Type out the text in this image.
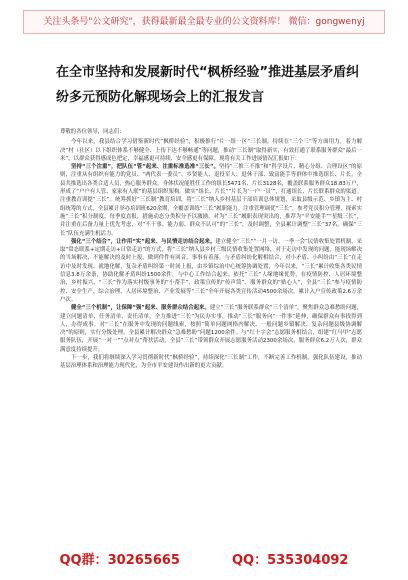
关注头条号"公文研究"，获得最新最全最专业的公文资料库！ 微信：gongwenyj
在全市坚持和发展新时代“枫桥经验”推进基层矛盾纠纷多元预防化解现场会上的汇报发言

尊敬的各位领导，同志们：

今年以来，我县结合学习借鉴新时代“枫桥经验”，积极推行“片一组一区”三长制，持续在“三个三”等方面用力，着力解决“村（社区）以下组织体系不够健全、上传下达不够畅通”等问题，推动“三长制”取得新实，有效打通了联系服务群众“最后一米”，以群众获得感成色把定，幸福感更可持续、安全感更有保障。现将有关工作进展情况汇报如下：

坚持“三个注重”，把队伍“管”起来、注重标准选准“三长”。坚持“三推三不推”和“科学设片、精心分组、合理设区”的原则，注重从有组织有能力的党员、“两代表一委员”、乡贤能人、退役军人、退休干部、致富能手等群体中推选组长、片长，全县共推选出各类合适人员，热心服务群众，身体状况能胜任工作的组长5471名、片长3128名，覆盖联系服务群众18.83万户，形成了“户户有人管、家家有人联”的基层组织架构。做实“组长、片长”“片长为‘一户一员’”，打通组长、片长联系群众的渠道。注重教育训提“三长”。统筹抓好“三长制”教育培训，将“三长”纳入乡村基层干部培训总体规划，采取县级示范、乡镇为主、村组统筹的方式，全县累计举办培训班620余期，全覆盖训练“三长”履职能力。注重管理调优“三长”。参考党员积分管理，探索实施“三长”积分制度，每季度直报，措施动态分类积分予以激励，对为“三长”履职表现突出的，推荐为“平安能手”“星级三长”，并注重在后备力量上优先考虑，对“不干事、能力弱、群众不认可”的“三长”，及时调整，全县累计调整“三长”37名，确保“三长”队伍充满生机活力。

强化“三个结合”，让作用“实”起来、与民情走访结合起来。建立健全“三长”“一月一访、一季一会”民情收集处置机制，采取“常态联系+定期走访+日常走访”的方式，将“三长”纳入县乡村三级民情收集处置网络，对于走访中发现的问题，能现场解决的当场解决，不能解决的及时上报，做到件件有回音、事事有着落。与矛盾纠纷化解相结合，对小矛盾、小纠纷由“三长”在走访中及时发现、就地化解，复杂矛盾纠纷第一时间上报，由乡镇综治中心统筹协调处置，今年以来，“三长”累计收集各类民情信息3.8万余条，协助化解矛盾纠纷1500余件，与中心工作结合起来。依托“三长”人缘地缘优势，在疫情防控、人居环境整治、乡村振兴、“三长”作为落实村级事务的“小帮手”、政策宣传的“传声筒”、服务群众的“贴心人”，全县“三长”参与疫情防控、安全生产、综合治理、人居环境整治、产业发展等“三长”全年开展各类宣传活动4500余场次，累计入户宣传政策2.6万余户次。

健全“三个机制”，让保障“强”起来、服务群众结合起来。建立“三长”服务联系群众“三个清单”，聚焦群众急难愁盼问题，建立问题清单、任务清单、责任清单，全力推进“三长”为民办实事，推动“三长”服务向“一件事”延伸，确保群众有事找得到人、办得成事。对“三长”在服务中发现的问题线索，按照“简单问题网格内解决、一般问题乡镇解决、复杂问题县级协调解决”的原则，实行分级处理，全县累计解决群众“急难愁盼”问题1200余件。与“红十字会”志愿服务相结合，组建“红马甲”志愿服务队伍，开展“一对一”“点对点”帮扶活动，全县“三长”带领群众开展志愿服务活动2300余场次，服务群众6.2万人次，群众满意度持续提升。

下一步，我们将继续深入学习贯彻新时代“枫桥经验”，持续深化“三长制”工作，不断完善工作机制，强化队伍建设，推动基层治理体系和治理能力现代化，为全市平安建设作出新的更大贡献。

QQ群：30265665	QQ：535304092
